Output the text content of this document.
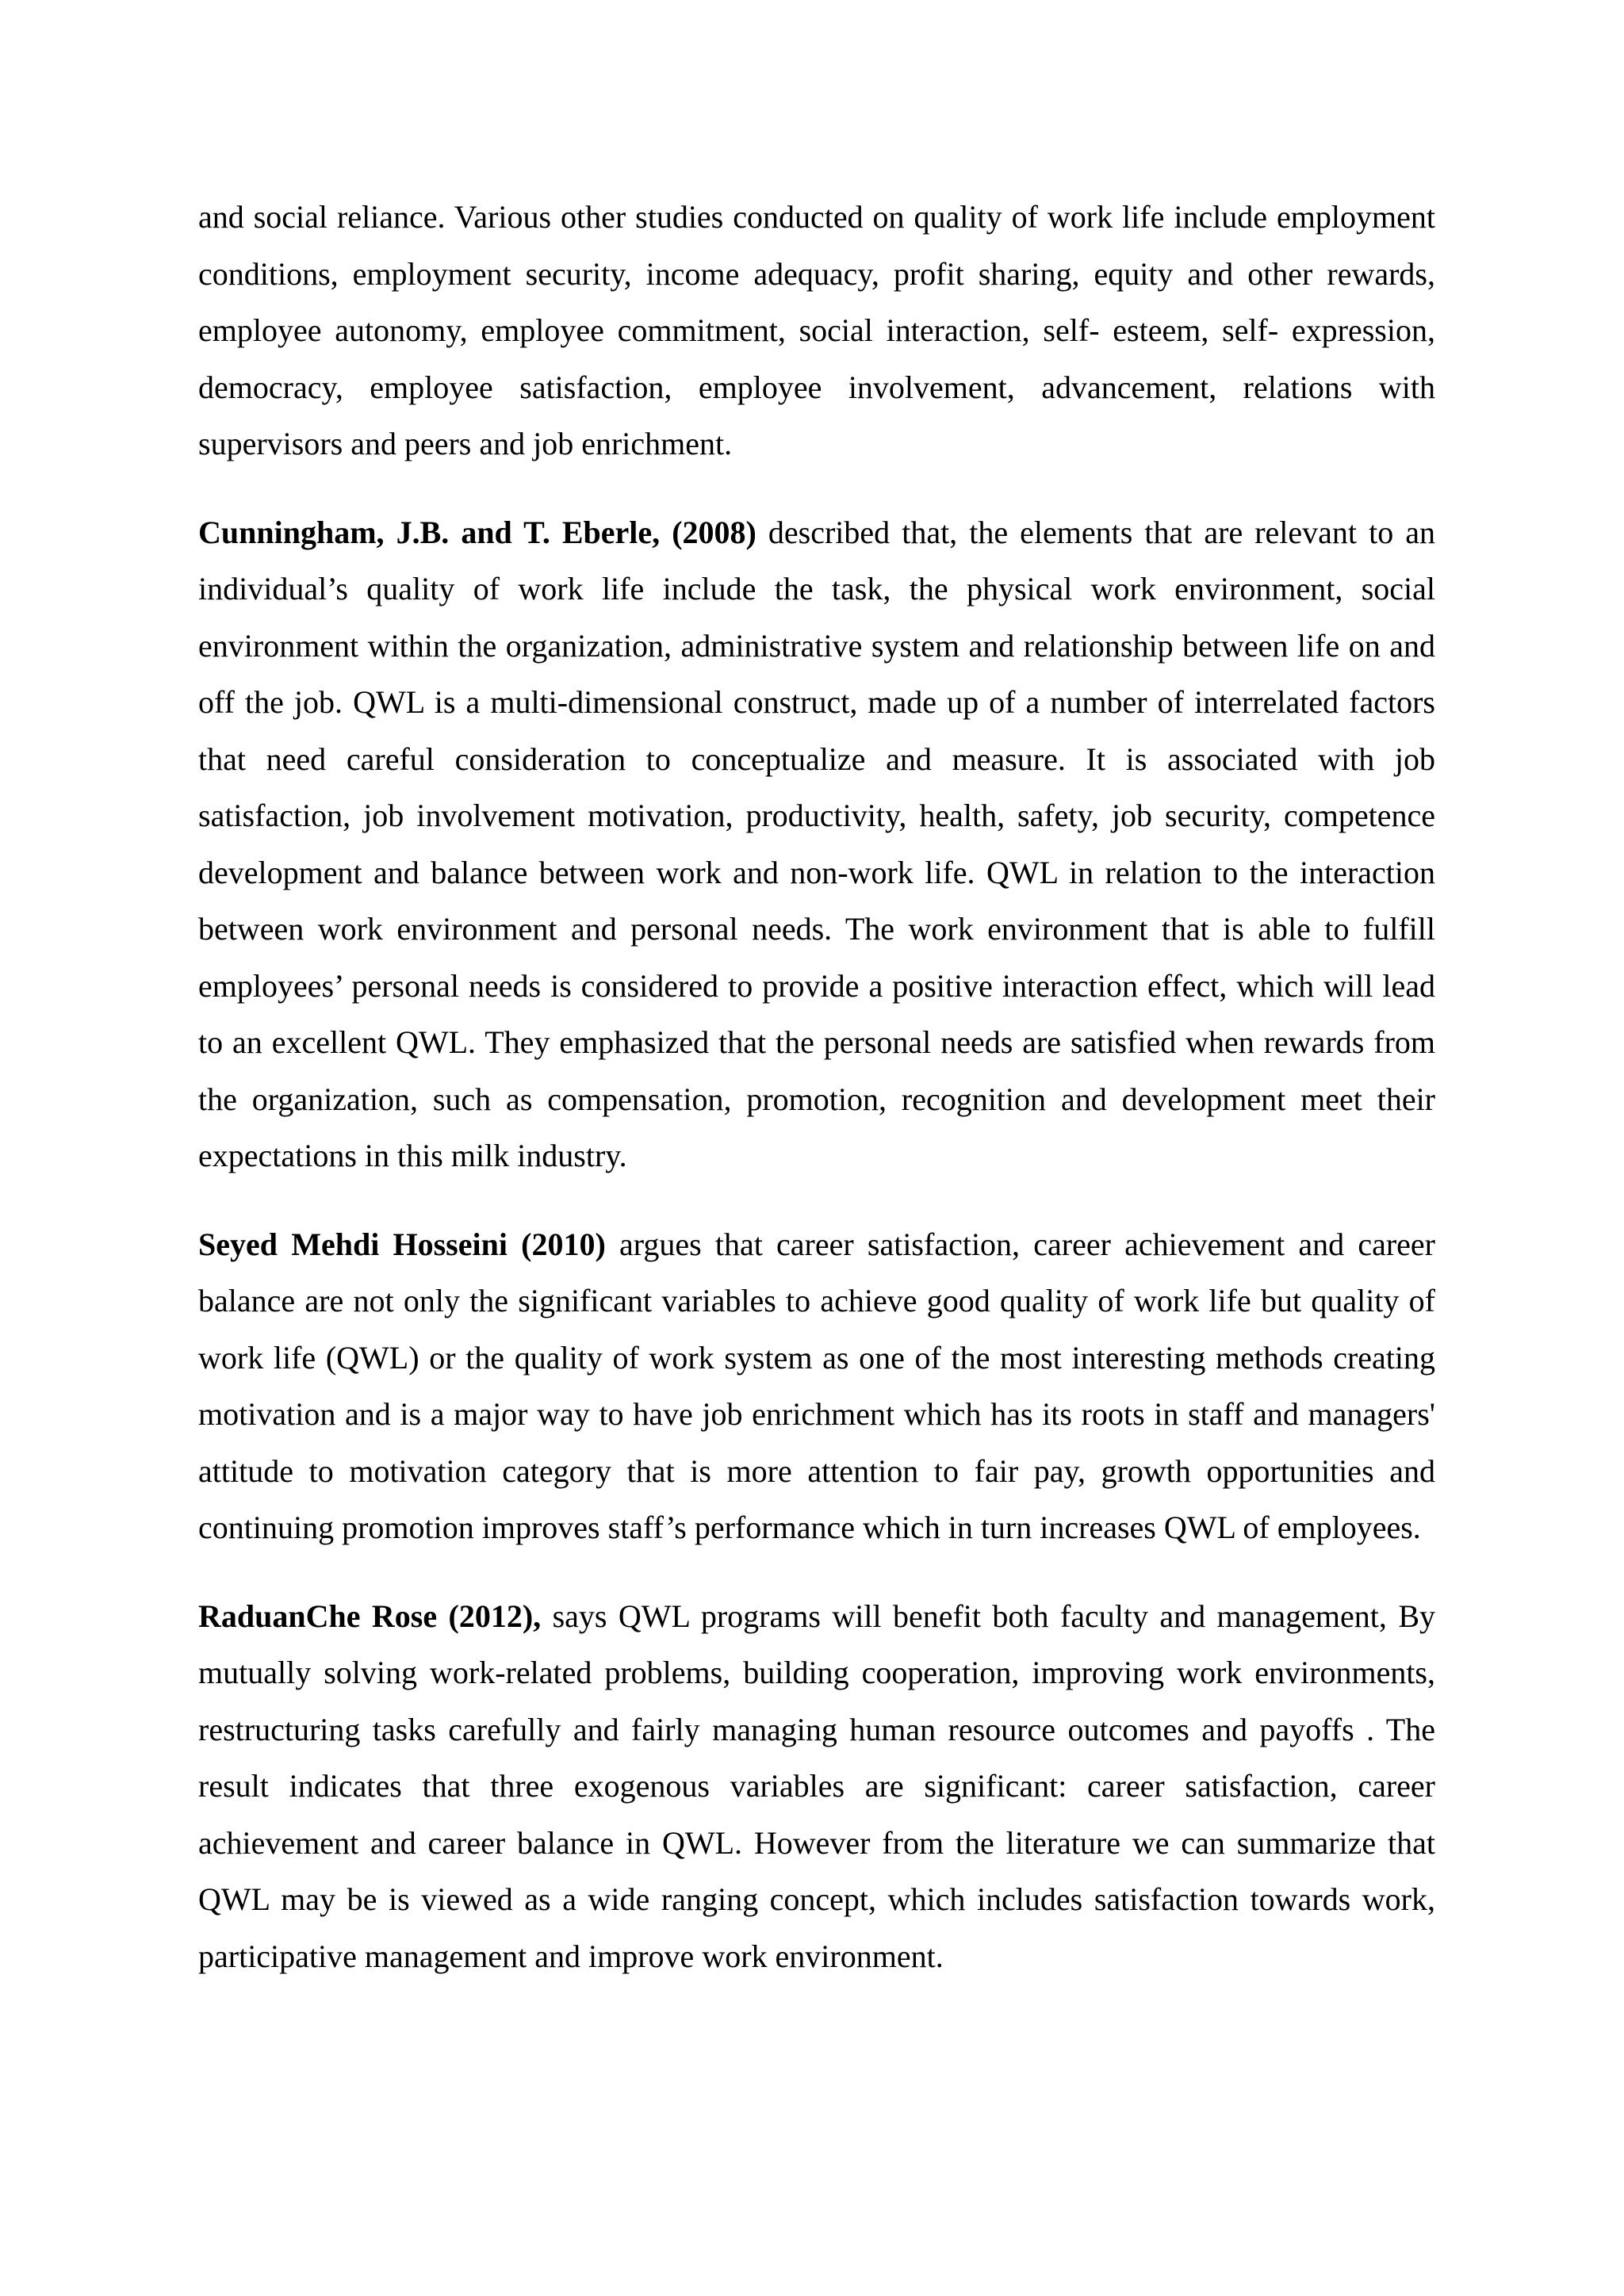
and social reliance. Various other studies conducted on quality of work life include employment conditions, employment security, income adequacy, profit sharing, equity and other rewards, employee autonomy, employee commitment, social interaction, self- esteem, self- expression, democracy, employee satisfaction, employee involvement, advancement, relations with supervisors and peers and job enrichment.

Cunningham, J.B. and T. Eberle, (2008) described that, the elements that are relevant to an individual’s quality of work life include the task, the physical work environment, social environment within the organization, administrative system and relationship between life on and off the job. QWL is a multi-dimensional construct, made up of a number of interrelated factors that need careful consideration to conceptualize and measure. It is associated with job satisfaction, job involvement motivation, productivity, health, safety, job security, competence development and balance between work and non-work life. QWL in relation to the interaction between work environment and personal needs. The work environment that is able to fulfill employees’ personal needs is considered to provide a positive interaction effect, which will lead to an excellent QWL. They emphasized that the personal needs are satisfied when rewards from the organization, such as compensation, promotion, recognition and development meet their expectations in this milk industry.

Seyed Mehdi Hosseini (2010) argues that career satisfaction, career achievement and career balance are not only the significant variables to achieve good quality of work life but quality of work life (QWL) or the quality of work system as one of the most interesting methods creating motivation and is a major way to have job enrichment which has its roots in staff and managers' attitude to motivation category that is more attention to fair pay, growth opportunities and continuing promotion improves staff’s performance which in turn increases QWL of employees.

RaduanChe Rose (2012), says QWL programs will benefit both faculty and management, By mutually solving work-related problems, building cooperation, improving work environments, restructuring tasks carefully and fairly managing human resource outcomes and payoffs . The result indicates that three exogenous variables are significant: career satisfaction, career achievement and career balance in QWL. However from the literature we can summarize that QWL may be is viewed as a wide ranging concept, which includes satisfaction towards work, participative management and improve work environment.
